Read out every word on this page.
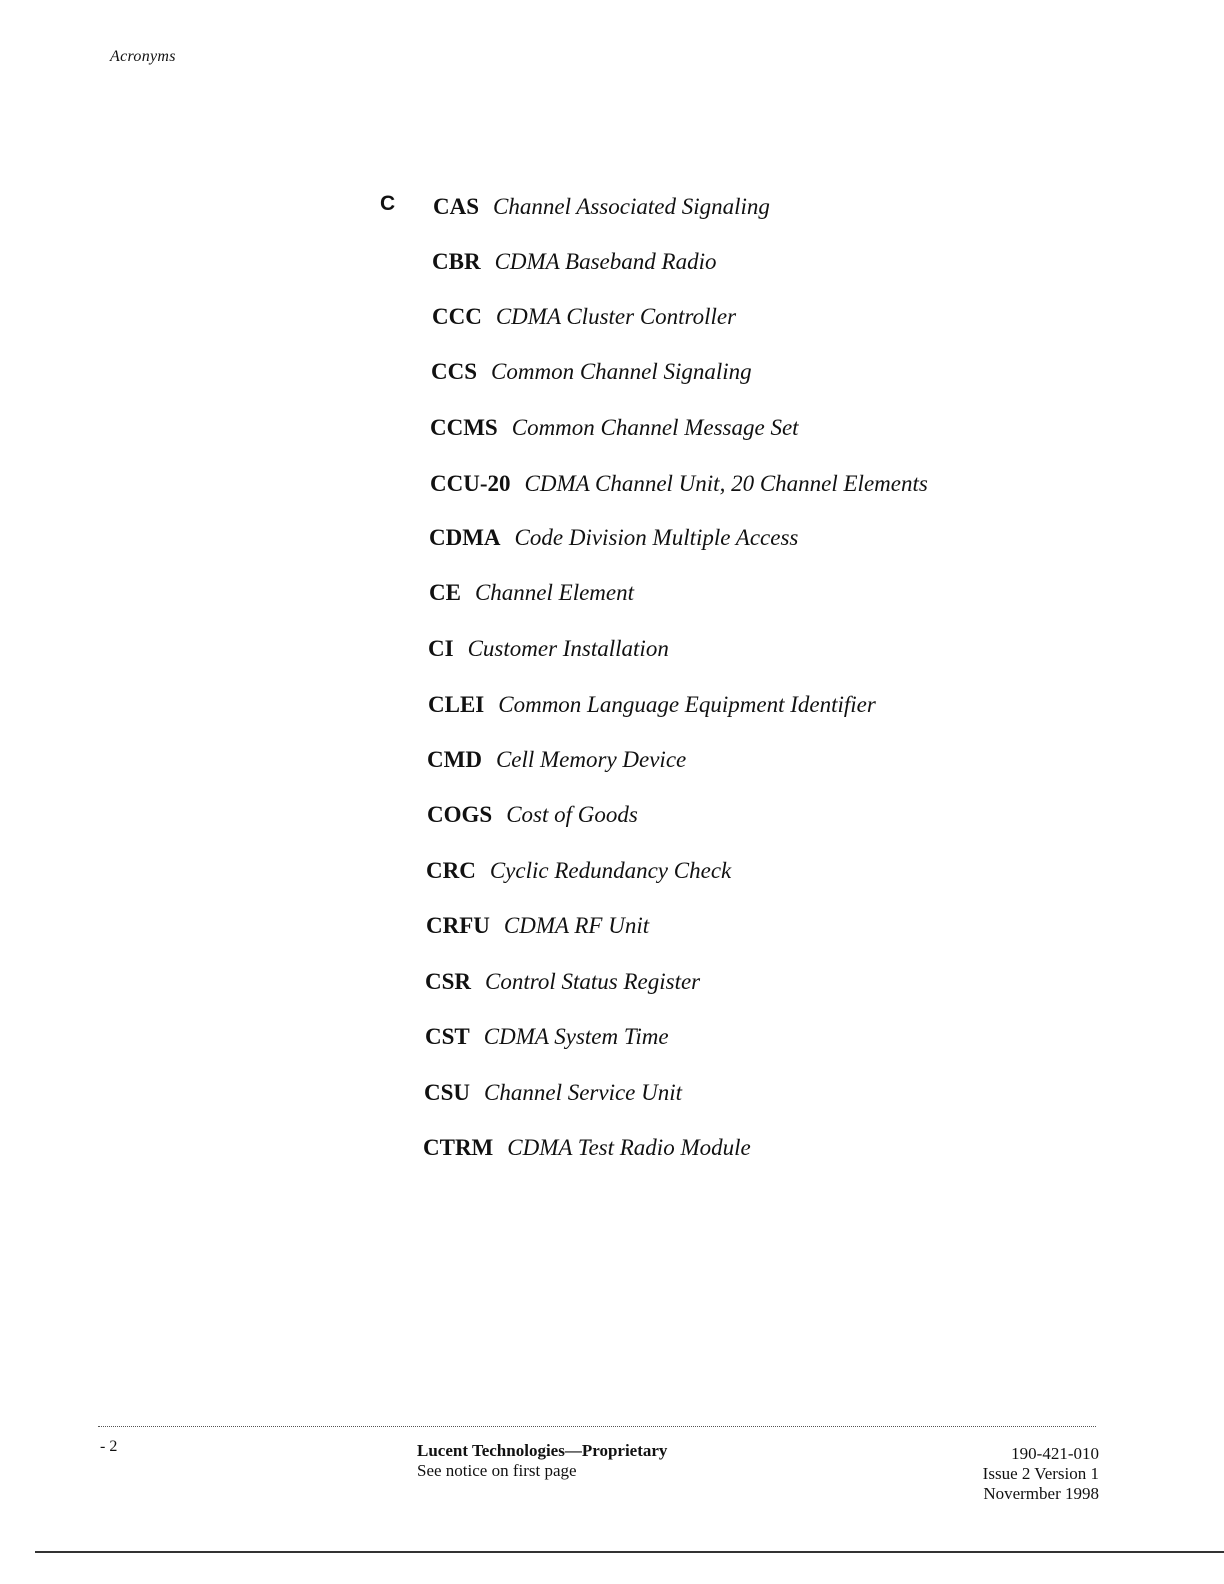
Acronyms
C CAS Channel Associated Signaling
CBR CDMA Baseband Radio
CCC CDMA Cluster Controller
CCS Common Channel Signaling
CCMS Common Channel Message Set
CCU-20 CDMA Channel Unit, 20 Channel Elements
CDMA Code Division Multiple Access
CE Channel Element
CI Customer Installation
CLEI Common Language Equipment Identifier
CMD Cell Memory Device
COGS Cost of Goods
CRC Cyclic Redundancy Check
CRFU CDMA RF Unit
CSR Control Status Register
CST CDMA System Time
CSU Channel Service Unit
CTRM CDMA Test Radio Module
- 2	Lucent Technologies—Proprietary
See notice on first page
190-421-010
Issue 2 Version 1
Novermber 1998
